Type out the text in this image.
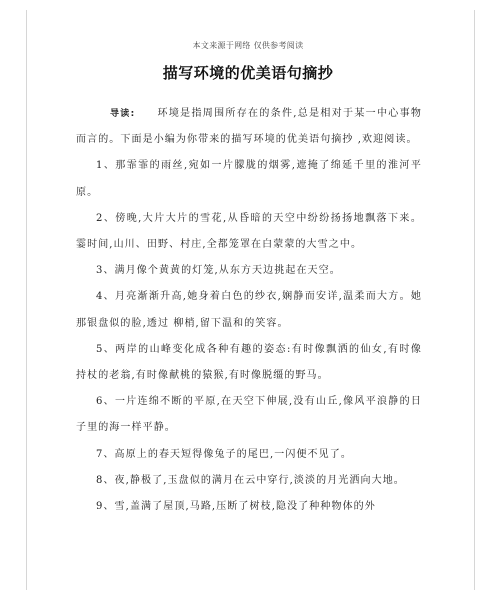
本文来源于网络 仅供参考阅读
描写环境的优美语句摘抄

导读: 环境是指周围所存在的条件,总是相对于某一中心事物而言的。下面是小编为你带来的描写环境的优美语句摘抄 ,欢迎阅读。

1、那霏霏的雨丝,宛如一片朦胧的烟雾,遮掩了绵延千里的淮河平原。

2、傍晚,大片大片的雪花,从昏暗的天空中纷纷扬扬地飘落下来。霎时间,山川、田野、村庄,全都笼罩在白蒙蒙的大雪之中。

3、满月像个黄黄的灯笼,从东方天边挑起在天空。

4、月亮渐渐升高,她身着白色的纱衣,娴静而安详,温柔而大方。她那银盘似的脸,透过 柳梢,留下温和的笑容。

5、两岸的山峰变化成各种有趣的姿态:有时像飘洒的仙女,有时像持杖的老翁,有时像献桃的猿猴,有时像脱缰的野马。

6、一片连绵不断的平原,在天空下伸展,没有山丘,像风平浪静的日子里的海一样平静。

7、高原上的春天短得像兔子的尾巴,一闪便不见了。

8、夜,静极了,玉盘似的满月在云中穿行,淡淡的月光洒向大地。

9、雪,盖满了屋顶,马路,压断了树枝,隐没了种种物体的外
